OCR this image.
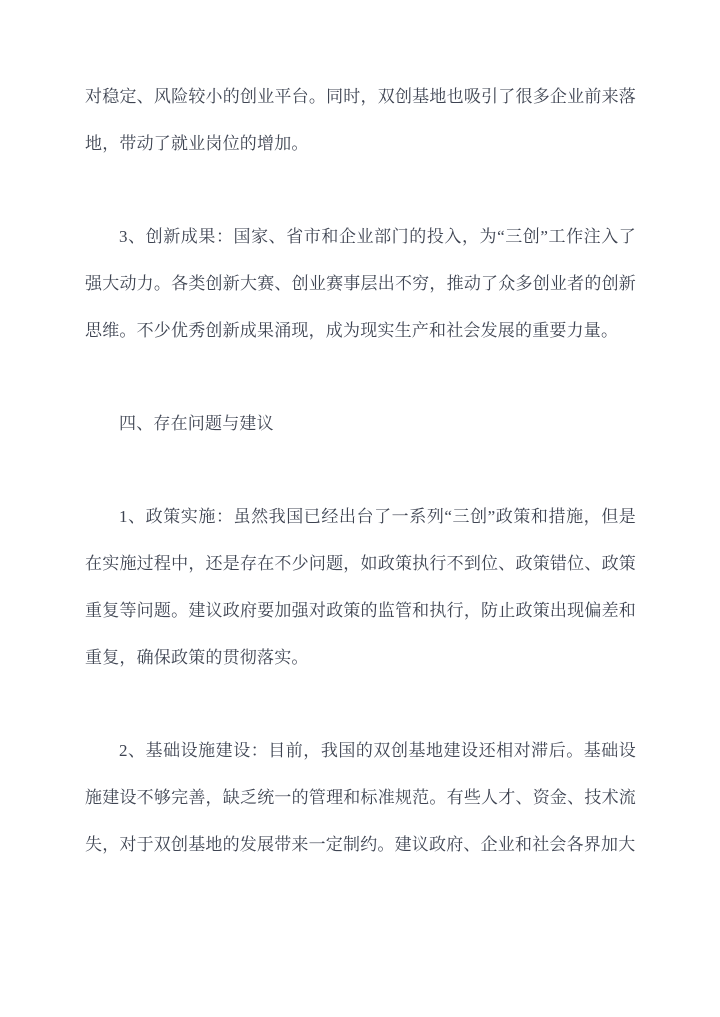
对稳定、风险较小的创业平台。同时，双创基地也吸引了很多企业前来落地，带动了就业岗位的增加。

3、创新成果：国家、省市和企业部门的投入，为“三创”工作注入了强大动力。各类创新大赛、创业赛事层出不穷，推动了众多创业者的创新思维。不少优秀创新成果涌现，成为现实生产和社会发展的重要力量。

四、存在问题与建议

1、政策实施：虽然我国已经出台了一系列“三创”政策和措施，但是在实施过程中，还是存在不少问题，如政策执行不到位、政策错位、政策重复等问题。建议政府要加强对政策的监管和执行，防止政策出现偏差和重复，确保政策的贯彻落实。

2、基础设施建设：目前，我国的双创基地建设还相对滞后。基础设施建设不够完善，缺乏统一的管理和标准规范。有些人才、资金、技术流失，对于双创基地的发展带来一定制约。建议政府、企业和社会各界加大
